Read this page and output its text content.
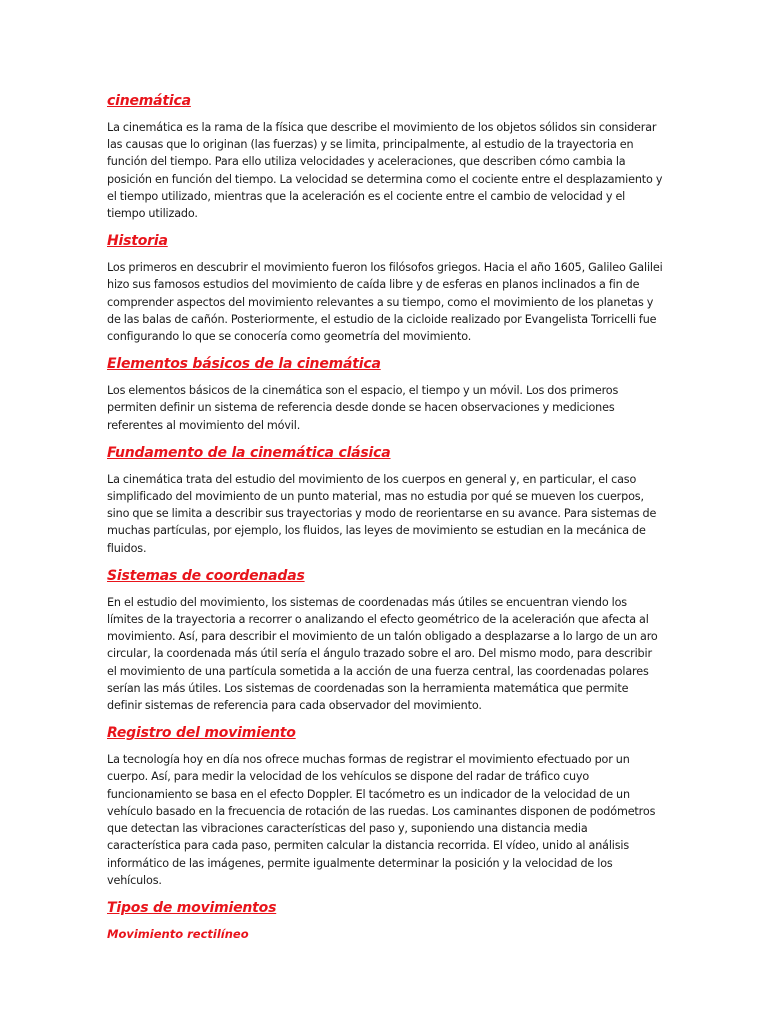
cinemática

La cinemática es la rama de la física que describe el movimiento de los objetos sólidos sin considerar las causas que lo originan (las fuerzas) y se limita, principalmente, al estudio de la trayectoria en función del tiempo. Para ello utiliza velocidades y aceleraciones, que describen cómo cambia la posición en función del tiempo. La velocidad se determina como el cociente entre el desplazamiento y el tiempo utilizado, mientras que la aceleración es el cociente entre el cambio de velocidad y el tiempo utilizado.

Historia

Los primeros en descubrir el movimiento fueron los filósofos griegos. Hacia el año 1605, Galileo Galilei hizo sus famosos estudios del movimiento de caída libre y de esferas en planos inclinados a fin de comprender aspectos del movimiento relevantes a su tiempo, como el movimiento de los planetas y de las balas de cañón. Posteriormente, el estudio de la cicloide realizado por Evangelista Torricelli fue configurando lo que se conocería como geometría del movimiento.

Elementos básicos de la cinemática

Los elementos básicos de la cinemática son el espacio, el tiempo y un móvil. Los dos primeros permiten definir un sistema de referencia desde donde se hacen observaciones y mediciones referentes al movimiento del móvil.

Fundamento de la cinemática clásica

La cinemática trata del estudio del movimiento de los cuerpos en general y, en particular, el caso simplificado del movimiento de un punto material, mas no estudia por qué se mueven los cuerpos, sino que se limita a describir sus trayectorias y modo de reorientarse en su avance. Para sistemas de muchas partículas, por ejemplo, los fluidos, las leyes de movimiento se estudian en la mecánica de fluidos.

Sistemas de coordenadas

En el estudio del movimiento, los sistemas de coordenadas más útiles se encuentran viendo los límites de la trayectoria a recorrer o analizando el efecto geométrico de la aceleración que afecta al movimiento. Así, para describir el movimiento de un talón obligado a desplazarse a lo largo de un aro circular, la coordenada más útil sería el ángulo trazado sobre el aro. Del mismo modo, para describir el movimiento de una partícula sometida a la acción de una fuerza central, las coordenadas polares serían las más útiles. Los sistemas de coordenadas son la herramienta matemática que permite definir sistemas de referencia para cada observador del movimiento.

Registro del movimiento

La tecnología hoy en día nos ofrece muchas formas de registrar el movimiento efectuado por un cuerpo. Así, para medir la velocidad de los vehículos se dispone del radar de tráfico cuyo funcionamiento se basa en el efecto Doppler. El tacómetro es un indicador de la velocidad de un vehículo basado en la frecuencia de rotación de las ruedas. Los caminantes disponen de podómetros que detectan las vibraciones características del paso y, suponiendo una distancia media característica para cada paso, permiten calcular la distancia recorrida. El vídeo, unido al análisis informático de las imágenes, permite igualmente determinar la posición y la velocidad de los vehículos.

Tipos de movimientos
Movimiento rectilíneo
